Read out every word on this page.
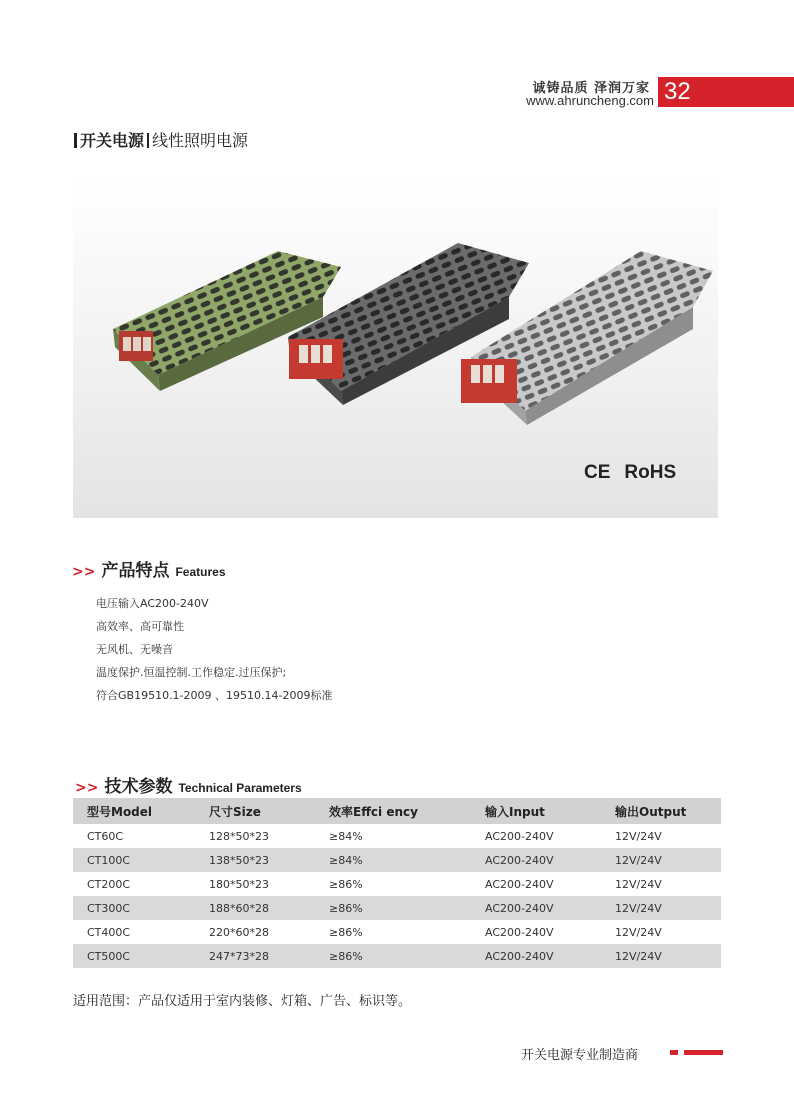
诚铸品质 泽润万家
www.ahruncheng.com 32
开关电源 线性照明电源
CE RoHS
>> 产品特点 Features
电压输入AC200-240V
高效率、高可靠性
无风机、无噪音
温度保护.恒温控制.工作稳定.过压保护;
符合GB19510.1-2009 、19510.14-2009标准
>> 技术参数 Technical Parameters
型号Model	尺寸Size	效率Effci ency	输入Input	输出Output
CT60C	128*50*23	≥84%	AC200-240V	12V/24V
CT100C	138*50*23	≥84%	AC200-240V	12V/24V
CT200C	180*50*23	≥86%	AC200-240V	12V/24V
CT300C	188*60*28	≥86%	AC200-240V	12V/24V
CT400C	220*60*28	≥86%	AC200-240V	12V/24V
CT500C	247*73*28	≥86%	AC200-240V	12V/24V
适用范围：产品仅适用于室内装修、灯箱、广告、标识等。
开关电源专业制造商
